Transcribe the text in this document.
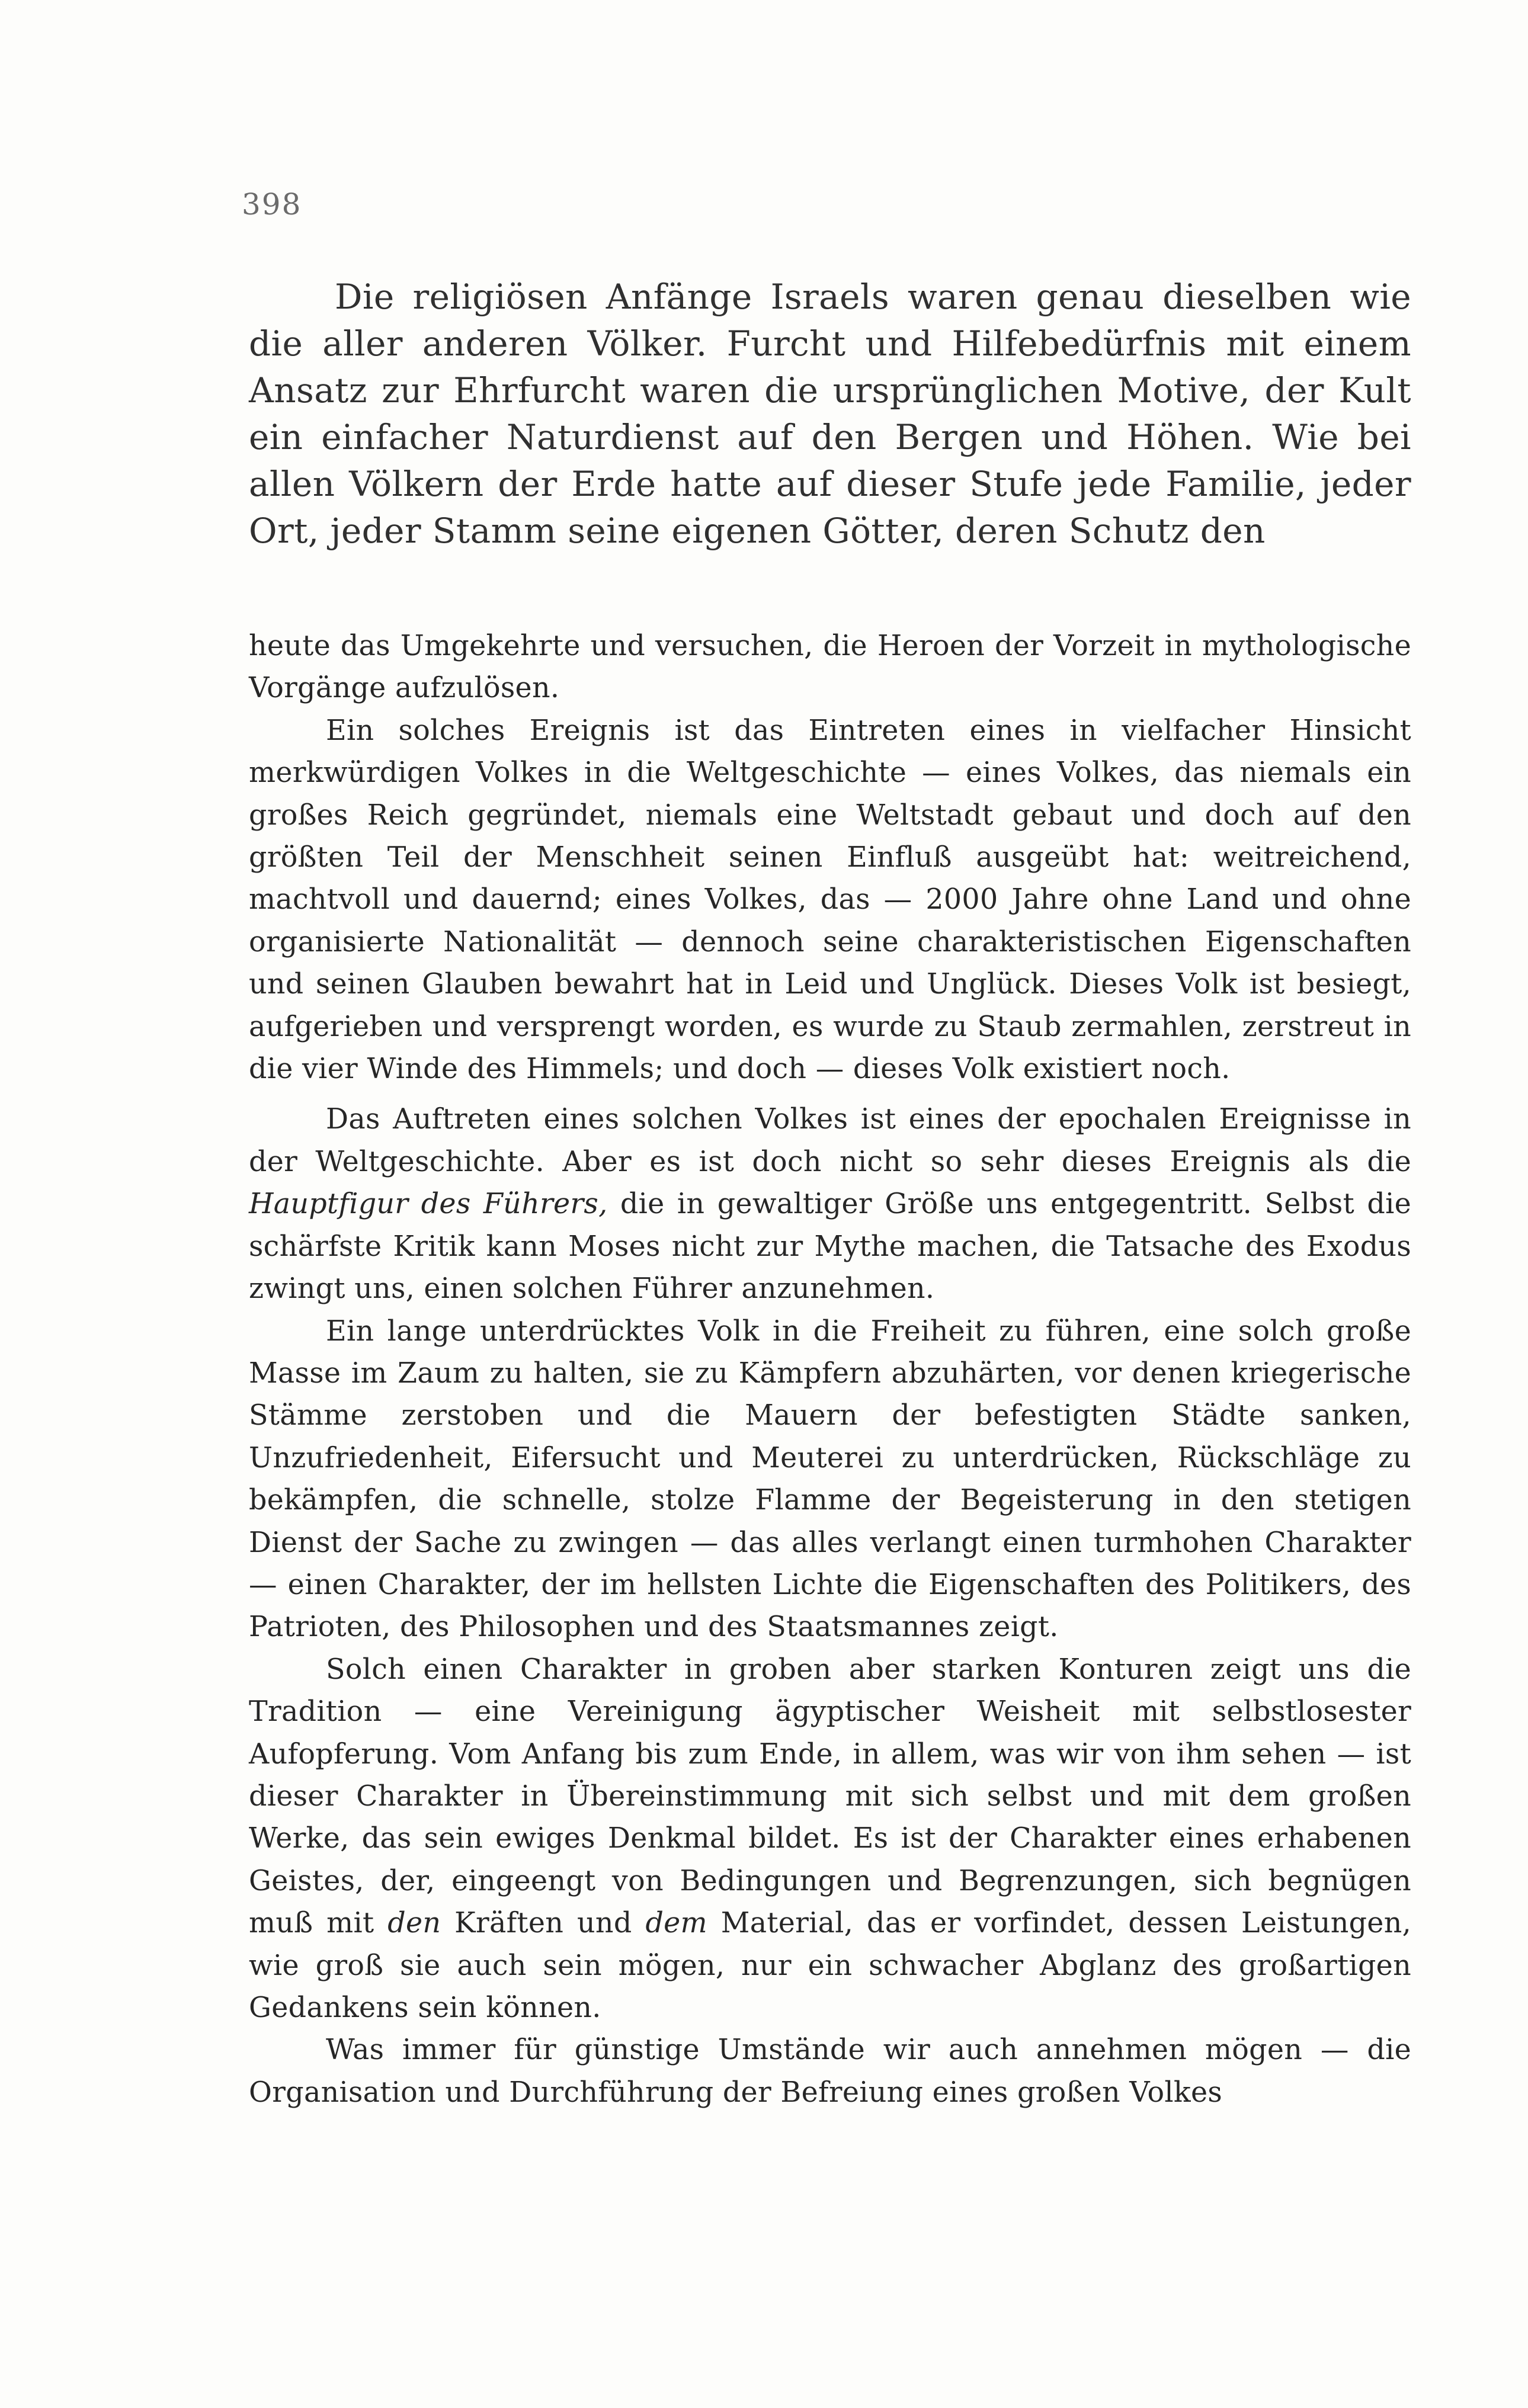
398

Die religiösen Anfänge Israels waren genau dieselben wie die aller anderen Völker. Furcht und Hilfebedürfnis mit einem Ansatz zur Ehrfurcht waren die ursprünglichen Motive, der Kult ein einfacher Naturdienst auf den Bergen und Höhen. Wie bei allen Völkern der Erde hatte auf dieser Stufe jede Familie, jeder Ort, jeder Stamm seine eigenen Götter, deren Schutz den

heute das Umgekehrte und versuchen, die Heroen der Vorzeit in mythologische Vorgänge aufzulösen.

Ein solches Ereignis ist das Eintreten eines in vielfacher Hinsicht merkwürdigen Volkes in die Weltgeschichte — eines Volkes, das niemals ein großes Reich gegründet, niemals eine Weltstadt gebaut und doch auf den größten Teil der Menschheit seinen Einfluß ausgeübt hat: weitreichend, machtvoll und dauernd; eines Volkes, das — 2000 Jahre ohne Land und ohne organisierte Nationalität — dennoch seine charakteristischen Eigenschaften und seinen Glauben bewahrt hat in Leid und Unglück. Dieses Volk ist besiegt, aufgerieben und versprengt worden, es wurde zu Staub zermahlen, zerstreut in die vier Winde des Himmels; und doch — dieses Volk existiert noch.

Das Auftreten eines solchen Volkes ist eines der epochalen Ereignisse in der Weltgeschichte. Aber es ist doch nicht so sehr dieses Ereignis als die Hauptfigur des Führers, die in gewaltiger Größe uns entgegentritt. Selbst die schärfste Kritik kann Moses nicht zur Mythe machen, die Tatsache des Exodus zwingt uns, einen solchen Führer anzunehmen.

Ein lange unterdrücktes Volk in die Freiheit zu führen, eine solch große Masse im Zaum zu halten, sie zu Kämpfern abzuhärten, vor denen kriegerische Stämme zerstoben und die Mauern der befestigten Städte sanken, Unzufriedenheit, Eifersucht und Meuterei zu unterdrücken, Rückschläge zu bekämpfen, die schnelle, stolze Flamme der Begeisterung in den stetigen Dienst der Sache zu zwingen — das alles verlangt einen turmhohen Charakter — einen Charakter, der im hellsten Lichte die Eigenschaften des Politikers, des Patrioten, des Philosophen und des Staatsmannes zeigt.

Solch einen Charakter in groben aber starken Konturen zeigt uns die Tradition — eine Vereinigung ägyptischer Weisheit mit selbstlosester Aufopferung. Vom Anfang bis zum Ende, in allem, was wir von ihm sehen — ist dieser Charakter in Übereinstimmung mit sich selbst und mit dem großen Werke, das sein ewiges Denkmal bildet. Es ist der Charakter eines erhabenen Geistes, der, eingeengt von Bedingungen und Begrenzungen, sich begnügen muß mit den Kräften und dem Material, das er vorfindet, dessen Leistungen, wie groß sie auch sein mögen, nur ein schwacher Abglanz des großartigen Gedankens sein können.

Was immer für günstige Umstände wir auch annehmen mögen — die Organisation und Durchführung der Befreiung eines großen Volkes
